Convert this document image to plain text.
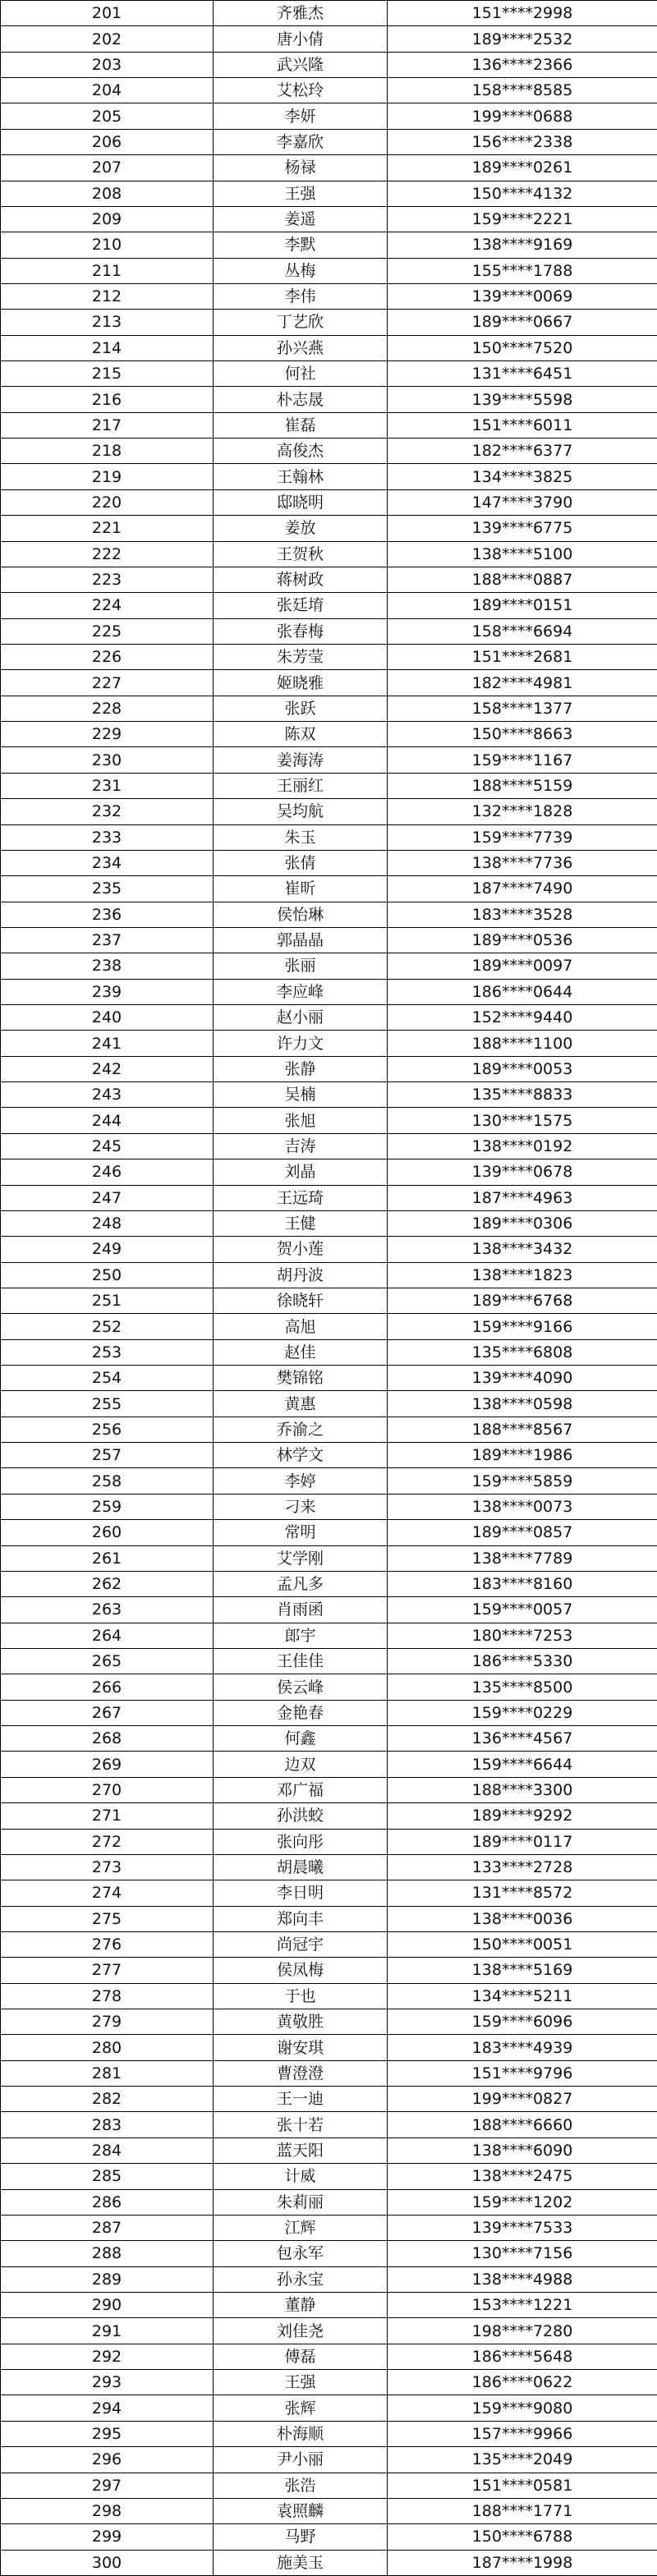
201	齐雅杰	151****2998
202	唐小倩	189****2532
203	武兴隆	136****2366
204	艾松玲	158****8585
205	李妍	199****0688
206	李嘉欣	156****2338
207	杨禄	189****0261
208	王强	150****4132
209	姜遥	159****2221
210	李默	138****9169
211	丛梅	155****1788
212	李伟	139****0069
213	丁艺欣	189****0667
214	孙兴燕	150****7520
215	何社	131****6451
216	朴志晟	139****5598
217	崔磊	151****6011
218	高俊杰	182****6377
219	王翰林	134****3825
220	邸晓明	147****3790
221	姜放	139****6775
222	王贺秋	138****5100
223	蒋树政	188****0887
224	张廷堉	189****0151
225	张春梅	158****6694
226	朱芳莹	151****2681
227	姬晓雅	182****4981
228	张跃	158****1377
229	陈双	150****8663
230	姜海涛	159****1167
231	王丽红	188****5159
232	吴均航	132****1828
233	朱玉	159****7739
234	张倩	138****7736
235	崔昕	187****7490
236	侯怡琳	183****3528
237	郭晶晶	189****0536
238	张丽	189****0097
239	李应峰	186****0644
240	赵小丽	152****9440
241	许力文	188****1100
242	张静	189****0053
243	吴楠	135****8833
244	张旭	130****1575
245	吉涛	138****0192
246	刘晶	139****0678
247	王远琦	187****4963
248	王健	189****0306
249	贺小莲	138****3432
250	胡丹波	138****1823
251	徐晓轩	189****6768
252	高旭	159****9166
253	赵佳	135****6808
254	樊锦铭	139****4090
255	黄惠	138****0598
256	乔渝之	188****8567
257	林学文	189****1986
258	李婷	159****5859
259	刁来	138****0073
260	常明	189****0857
261	艾学刚	138****7789
262	孟凡多	183****8160
263	肖雨函	159****0057
264	郎宇	180****7253
265	王佳佳	186****5330
266	侯云峰	135****8500
267	金艳春	159****0229
268	何鑫	136****4567
269	边双	159****6644
270	邓广福	188****3300
271	孙洪蛟	189****9292
272	张向彤	189****0117
273	胡晨曦	133****2728
274	李日明	131****8572
275	郑向丰	138****0036
276	尚冠宇	150****0051
277	侯凤梅	138****5169
278	于也	134****5211
279	黄敬胜	159****6096
280	谢安琪	183****4939
281	曹澄澄	151****9796
282	王一迪	199****0827
283	张十若	188****6660
284	蓝天阳	138****6090
285	计威	138****2475
286	朱莉丽	159****1202
287	江辉	139****7533
288	包永军	130****7156
289	孙永宝	138****4988
290	董静	153****1221
291	刘佳尧	198****7280
292	傅磊	186****5648
293	王强	186****0622
294	张辉	159****9080
295	朴海顺	157****9966
296	尹小丽	135****2049
297	张浩	151****0581
298	袁照麟	188****1771
299	马野	150****6788
300	施美玉	187****1998
